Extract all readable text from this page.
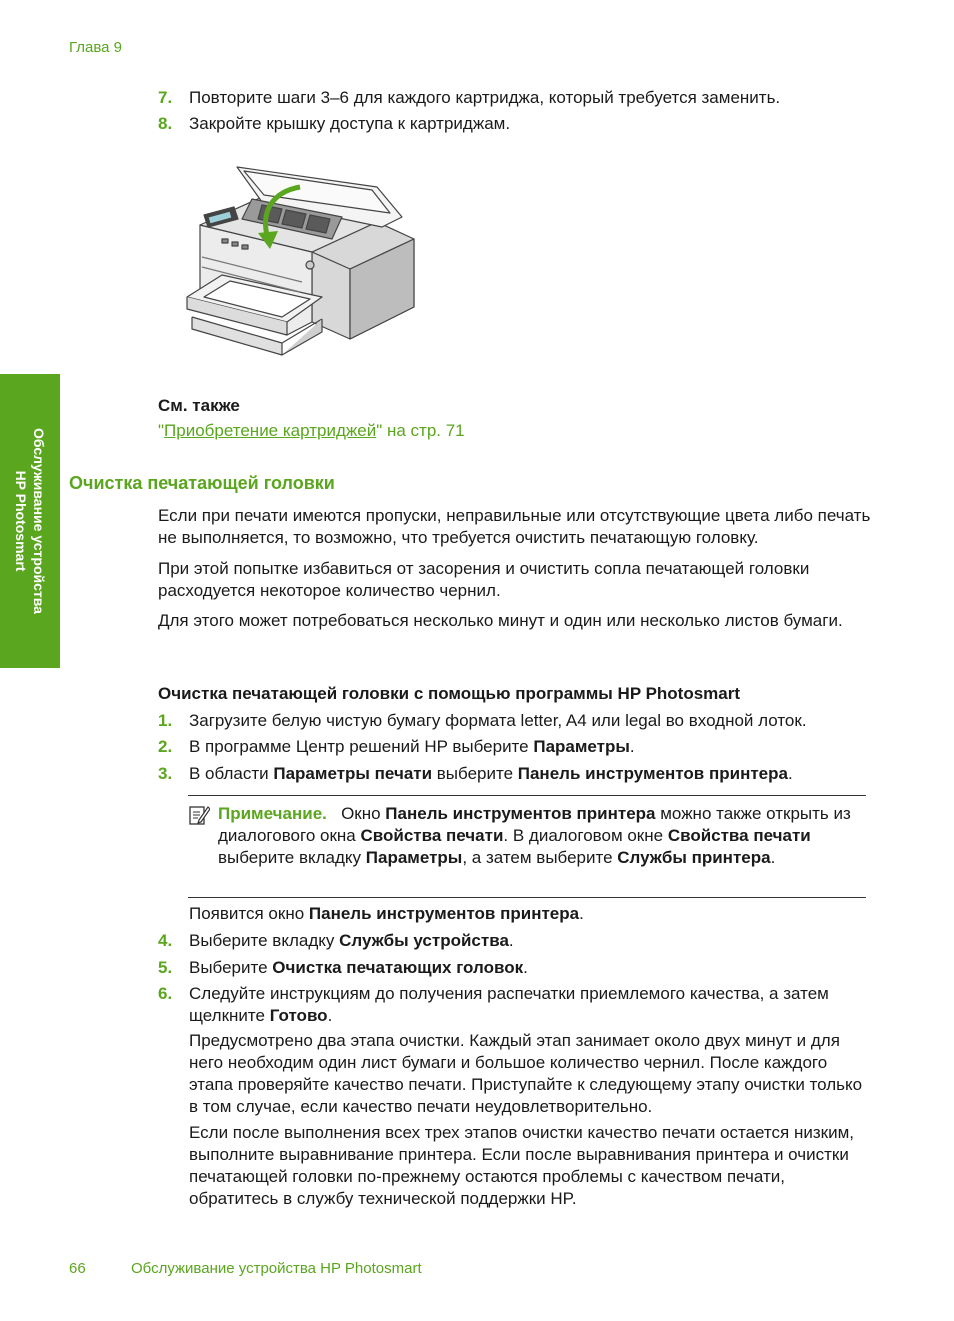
Глава 9
7. Повторите шаги 3–6 для каждого картриджа, который требуется заменить.
8. Закройте крышку доступа к картриджам.
См. также
"Приобретение картриджей" на стр. 71
Обслуживание устройства
HP Photosmart Очистка печатающей головки
Если при печати имеются пропуски, неправильные или отсутствующие цвета либо печать не выполняется, то возможно, что требуется очистить печатающую головку.
При этой попытке избавиться от засорения и очистить сопла печатающей головки расходуется некоторое количество чернил.
Для этого может потребоваться несколько минут и один или несколько листов бумаги.
Очистка печатающей головки с помощью программы HP Photosmart
1. Загрузите белую чистую бумагу формата letter, A4 или legal во входной лоток.
2. В программе Центр решений HP выберите Параметры.
3. В области Параметры печати выберите Панель инструментов принтера.
Примечание. Окно Панель инструментов принтера можно также открыть из диалогового окна Свойства печати. В диалоговом окне Свойства печати выберите вкладку Параметры, а затем выберите Службы принтера.
Появится окно Панель инструментов принтера.
4. Выберите вкладку Службы устройства.
5. Выберите Очистка печатающих головок.
6. Следуйте инструкциям до получения распечатки приемлемого качества, а затем щелкните Готово.
Предусмотрено два этапа очистки. Каждый этап занимает около двух минут и для него необходим один лист бумаги и большое количество чернил. После каждого этапа проверяйте качество печати. Приступайте к следующему этапу очистки только в том случае, если качество печати неудовлетворительно.
Если после выполнения всех трех этапов очистки качество печати остается низким, выполните выравнивание принтера. Если после выравнивания принтера и очистки печатающей головки по-прежнему остаются проблемы с качеством печати, обратитесь в службу технической поддержки HP.
66	Обслуживание устройства HP Photosmart
